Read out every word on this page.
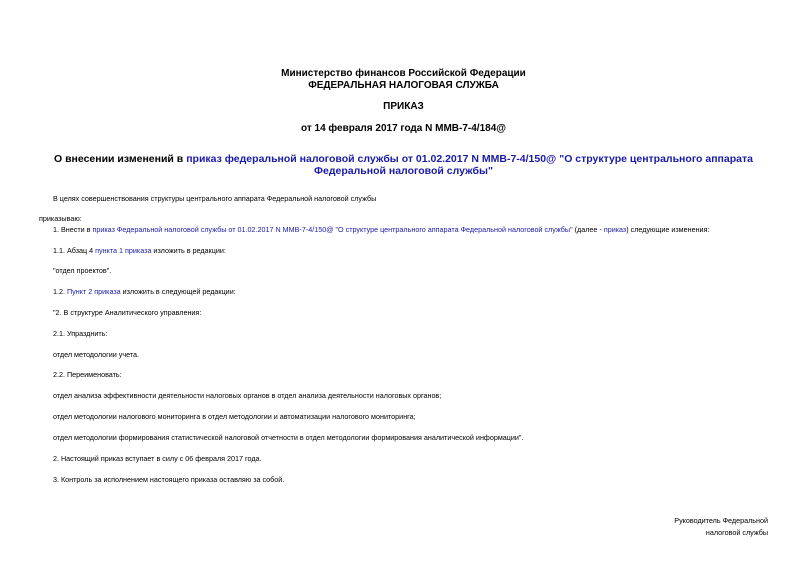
Министерство финансов Российской Федерации
ФЕДЕРАЛЬНАЯ НАЛОГОВАЯ СЛУЖБА
ПРИКАЗ
от 14 февраля 2017 года N ММВ-7-4/184@
О внесении изменений в приказ федеральной налоговой службы от 01.02.2017 N ММВ-7-4/150@ "О структуре центрального аппарата Федеральной налоговой службы"
В целях совершенствования структуры центрального аппарата Федеральной налоговой службы
приказываю:
1. Внести в приказ Федеральной налоговой службы от 01.02.2017 N ММВ-7-4/150@ "О структуре центрального аппарата Федеральной налоговой службы" (далее - приказ) следующие изменения:
1.1. Абзац 4 пункта 1 приказа изложить в редакции:
"отдел проектов".
1.2. Пункт 2 приказа изложить в следующей редакции:
"2. В структуре Аналитического управления:
2.1. Упразднить:
отдел методологии учета.
2.2. Переименовать:
отдел анализа эффективности деятельности налоговых органов в отдел анализа деятельности налоговых органов;
отдел методологии налогового мониторинга в отдел методологии и автоматизации налогового мониторинга;
отдел методологии формирования статистической налоговой отчетности в отдел методологии формирования аналитической информации".
2. Настоящий приказ вступает в силу с 06 февраля 2017 года.
3. Контроль за исполнением настоящего приказа оставляю за собой.
Руководитель Федеральной
налоговой службы
